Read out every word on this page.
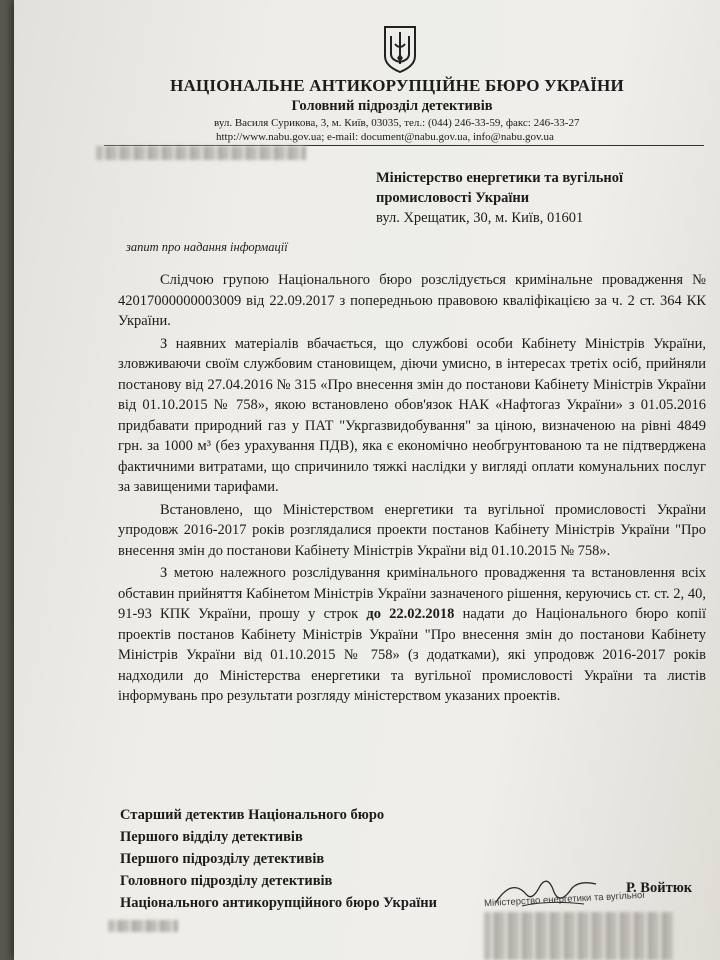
НАЦІОНАЛЬНЕ АНТИКОРУПЦІЙНЕ БЮРО УКРАЇНИ
Головний підрозділ детективів
вул. Василя Сурикова, 3, м. Київ, 03035, тел.: (044) 246-33-59, факс: 246-33-27
http://www.nabu.gov.ua; e-mail: document@nabu.gov.ua, info@nabu.gov.ua
Міністерство енергетики та вугільної
промисловості України
вул. Хрещатик, 30, м. Київ, 01601
запит про надання інформації

Слідчою групою Національного бюро розслідується кримінальне провадження № 42017000000003009 від 22.09.2017 з попередньою правовою кваліфікацією за ч. 2 ст. 364 КК України.

З наявних матеріалів вбачається, що службові особи Кабінету Міністрів України, зловживаючи своїм службовим становищем, діючи умисно, в інтересах третіх осіб, прийняли постанову від 27.04.2016 № 315 «Про внесення змін до постанови Кабінету Міністрів України від 01.10.2015 № 758», якою встановлено обов'язок НАК «Нафтогаз України» з 01.05.2016 придбавати природний газ у ПАТ "Укргазвидобування" за ціною, визначеною на рівні 4849 грн. за 1000 м³ (без урахування ПДВ), яка є економічно необгрунтованою та не підтверджена фактичними витратами, що спричинило тяжкі наслідки у вигляді оплати комунальних послуг за завищеними тарифами.

Встановлено, що Міністерством енергетики та вугільної промисловості України упродовж 2016-2017 років розглядалися проекти постанов Кабінету Міністрів України "Про внесення змін до постанови Кабінету Міністрів України від 01.10.2015 № 758».

З метою належного розслідування кримінального провадження та встановлення всіх обставин прийняття Кабінетом Міністрів України зазначеного рішення, керуючись ст. ст. 2, 40, 91-93 КПК України, прошу у строк до 22.02.2018 надати до Національного бюро копії проектів постанов Кабінету Міністрів України "Про внесення змін до постанови Кабінету Міністрів України від 01.10.2015 № 758» (з додатками), які упродовж 2016-2017 років надходили до Міністерства енергетики та вугільної промисловості України та листів інформувань про результати розгляду міністерством указаних проектів.

Старший детектив Національного бюро
Першого відділу детективів
Першого підрозділу детективів
Головного підрозділу детективів
Національного антикорупційного бюро України
Р. Войтюк
Міністерство енергетики та вугільної
